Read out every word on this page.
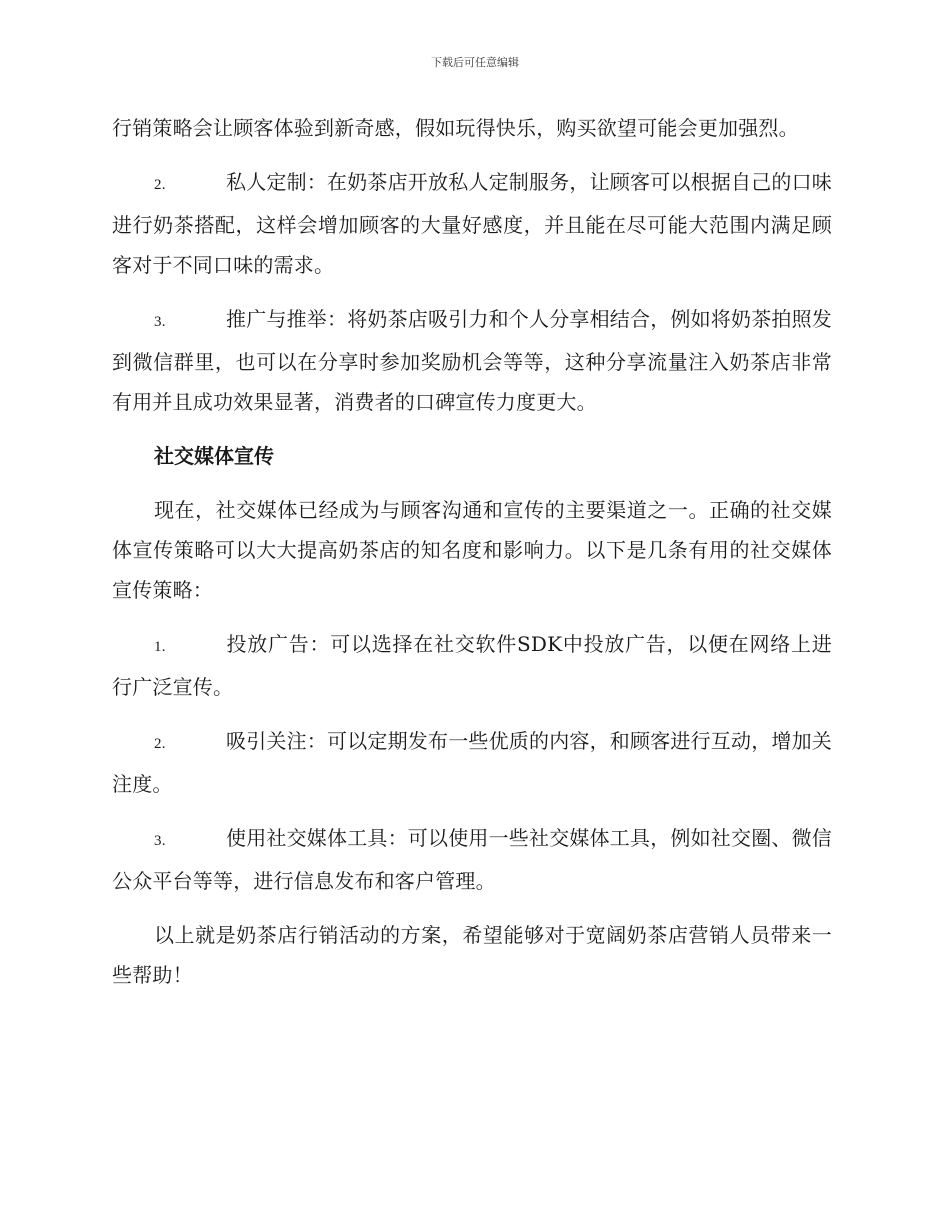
下载后可任意编辑

行销策略会让顾客体验到新奇感，假如玩得快乐，购买欲望可能会更加强烈。

2.	私人定制：在奶茶店开放私人定制服务，让顾客可以根据自己的口味进行奶茶搭配，这样会增加顾客的大量好感度，并且能在尽可能大范围内满足顾客对于不同口味的需求。

3.	推广与推举：将奶茶店吸引力和个人分享相结合，例如将奶茶拍照发到微信群里，也可以在分享时参加奖励机会等等，这种分享流量注入奶茶店非常有用并且成功效果显著，消费者的口碑宣传力度更大。

社交媒体宣传

现在，社交媒体已经成为与顾客沟通和宣传的主要渠道之一。正确的社交媒体宣传策略可以大大提高奶茶店的知名度和影响力。以下是几条有用的社交媒体宣传策略：

1.	投放广告：可以选择在社交软件SDK中投放广告，以便在网络上进行广泛宣传。

2.	吸引关注：可以定期发布一些优质的内容，和顾客进行互动，增加关注度。

3.	使用社交媒体工具：可以使用一些社交媒体工具，例如社交圈、微信公众平台等等，进行信息发布和客户管理。

以上就是奶茶店行销活动的方案，希望能够对于宽阔奶茶店营销人员带来一些帮助！
